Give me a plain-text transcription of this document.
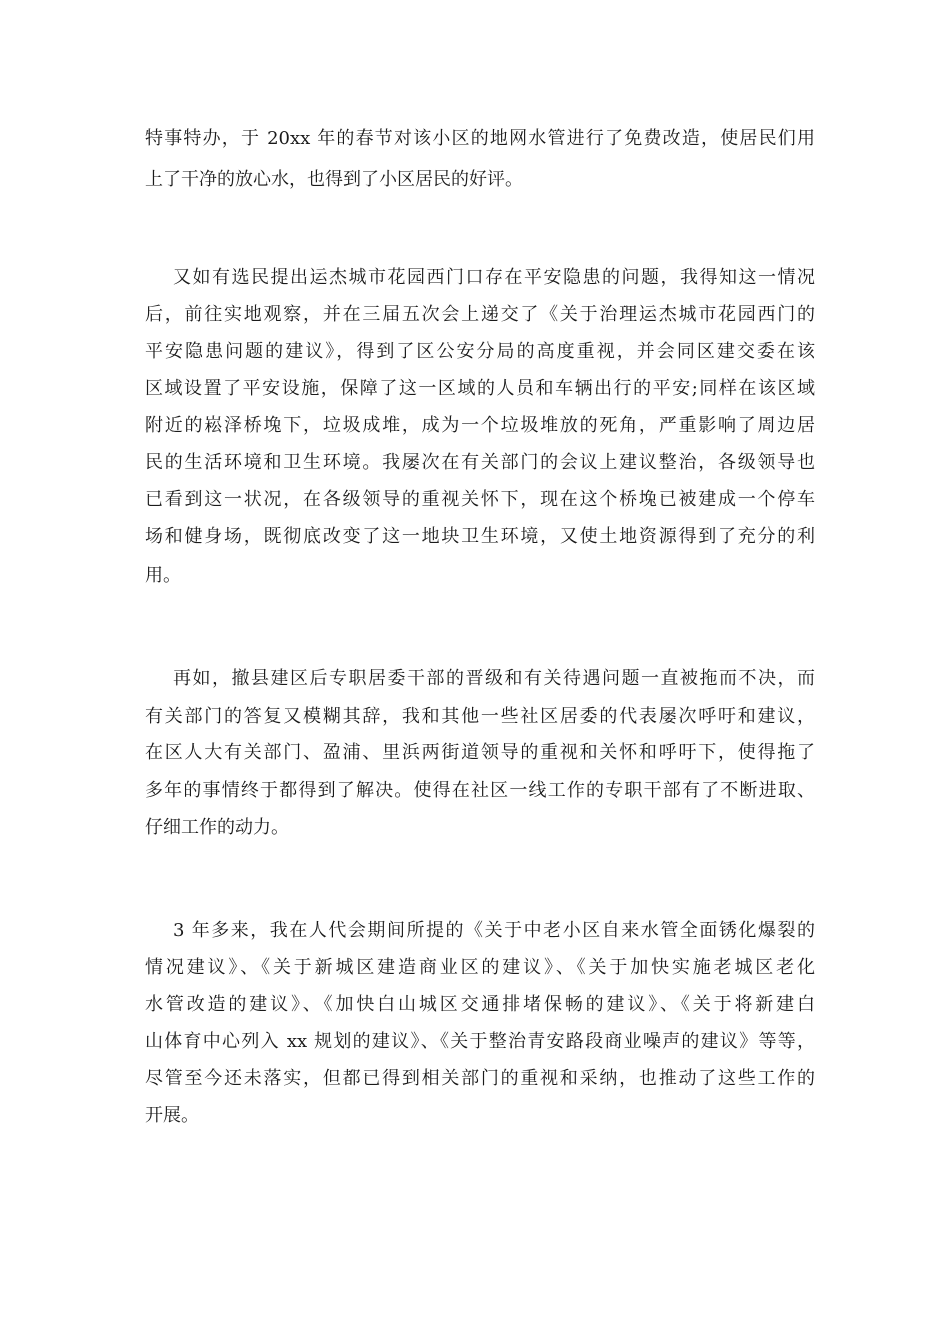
特事特办，于 20xx 年的春节对该小区的地网水管进行了免费改造，使居民们用
上了干净的放心水，也得到了小区居民的好评。
又如有选民提出运杰城市花园西门口存在平安隐患的问题，我得知这一情况
后，前往实地观察，并在三届五次会上递交了《关于治理运杰城市花园西门的
平安隐患问题的建议》，得到了区公安分局的高度重视，并会同区建交委在该
区域设置了平安设施，保障了这一区域的人员和车辆出行的平安;同样在该区域
附近的崧泽桥堍下，垃圾成堆，成为一个垃圾堆放的死角，严重影响了周边居
民的生活环境和卫生环境。我屡次在有关部门的会议上建议整治，各级领导也
已看到这一状况，在各级领导的重视关怀下，现在这个桥堍已被建成一个停车
场和健身场，既彻底改变了这一地块卫生环境，又使土地资源得到了充分的利
用。
再如，撤县建区后专职居委干部的晋级和有关待遇问题一直被拖而不决，而
有关部门的答复又模糊其辞，我和其他一些社区居委的代表屡次呼吁和建议，
在区人大有关部门、盈浦、里浜两街道领导的重视和关怀和呼吁下，使得拖了
多年的事情终于都得到了解决。使得在社区一线工作的专职干部有了不断进取、
仔细工作的动力。
3 年多来，我在人代会期间所提的《关于中老小区自来水管全面锈化爆裂的
情况建议》、《关于新城区建造商业区的建议》、《关于加快实施老城区老化
水管改造的建议》、《加快白山城区交通排堵保畅的建议》、《关于将新建白
山体育中心列入 xx 规划的建议》、《关于整治青安路段商业噪声的建议》等等，
尽管至今还未落实，但都已得到相关部门的重视和采纳，也推动了这些工作的
开展。
